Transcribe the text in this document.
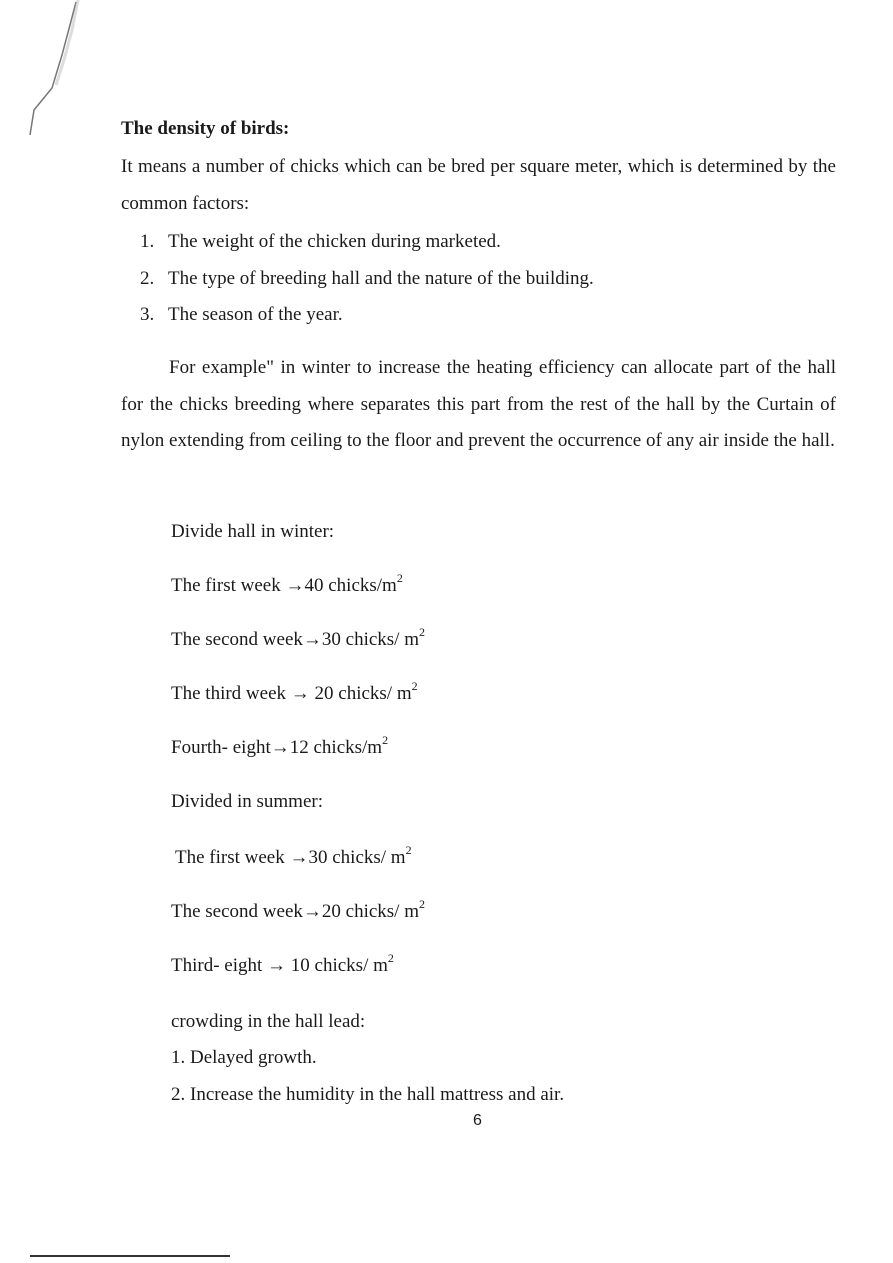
The density of birds:

It means a number of chicks which can be bred per square meter, which is determined by the common factors:

1. The weight of the chicken during marketed.
2. The type of breeding hall and the nature of the building.
3. The season of the year.

For example" in winter to increase the heating efficiency can allocate part of the hall for the chicks breeding where separates this part from the rest of the hall by the Curtain of nylon extending from ceiling to the floor and prevent the occurrence of any air inside the hall.

Divide hall in winter:

The first week →40 chicks/$m^2$

The second week→30 chicks/ $m^2$

The third week → 20 chicks/ $m^2$

Fourth- eight→12 chicks/$m^2$

Divided in summer:

The first week →30 chicks/ $m^2$

The second week→20 chicks/ $m^2$

Third- eight → 10 chicks/ $m^2$

crowding in the hall lead:

1. Delayed growth.

2. Increase the humidity in the hall mattress and air.

6
